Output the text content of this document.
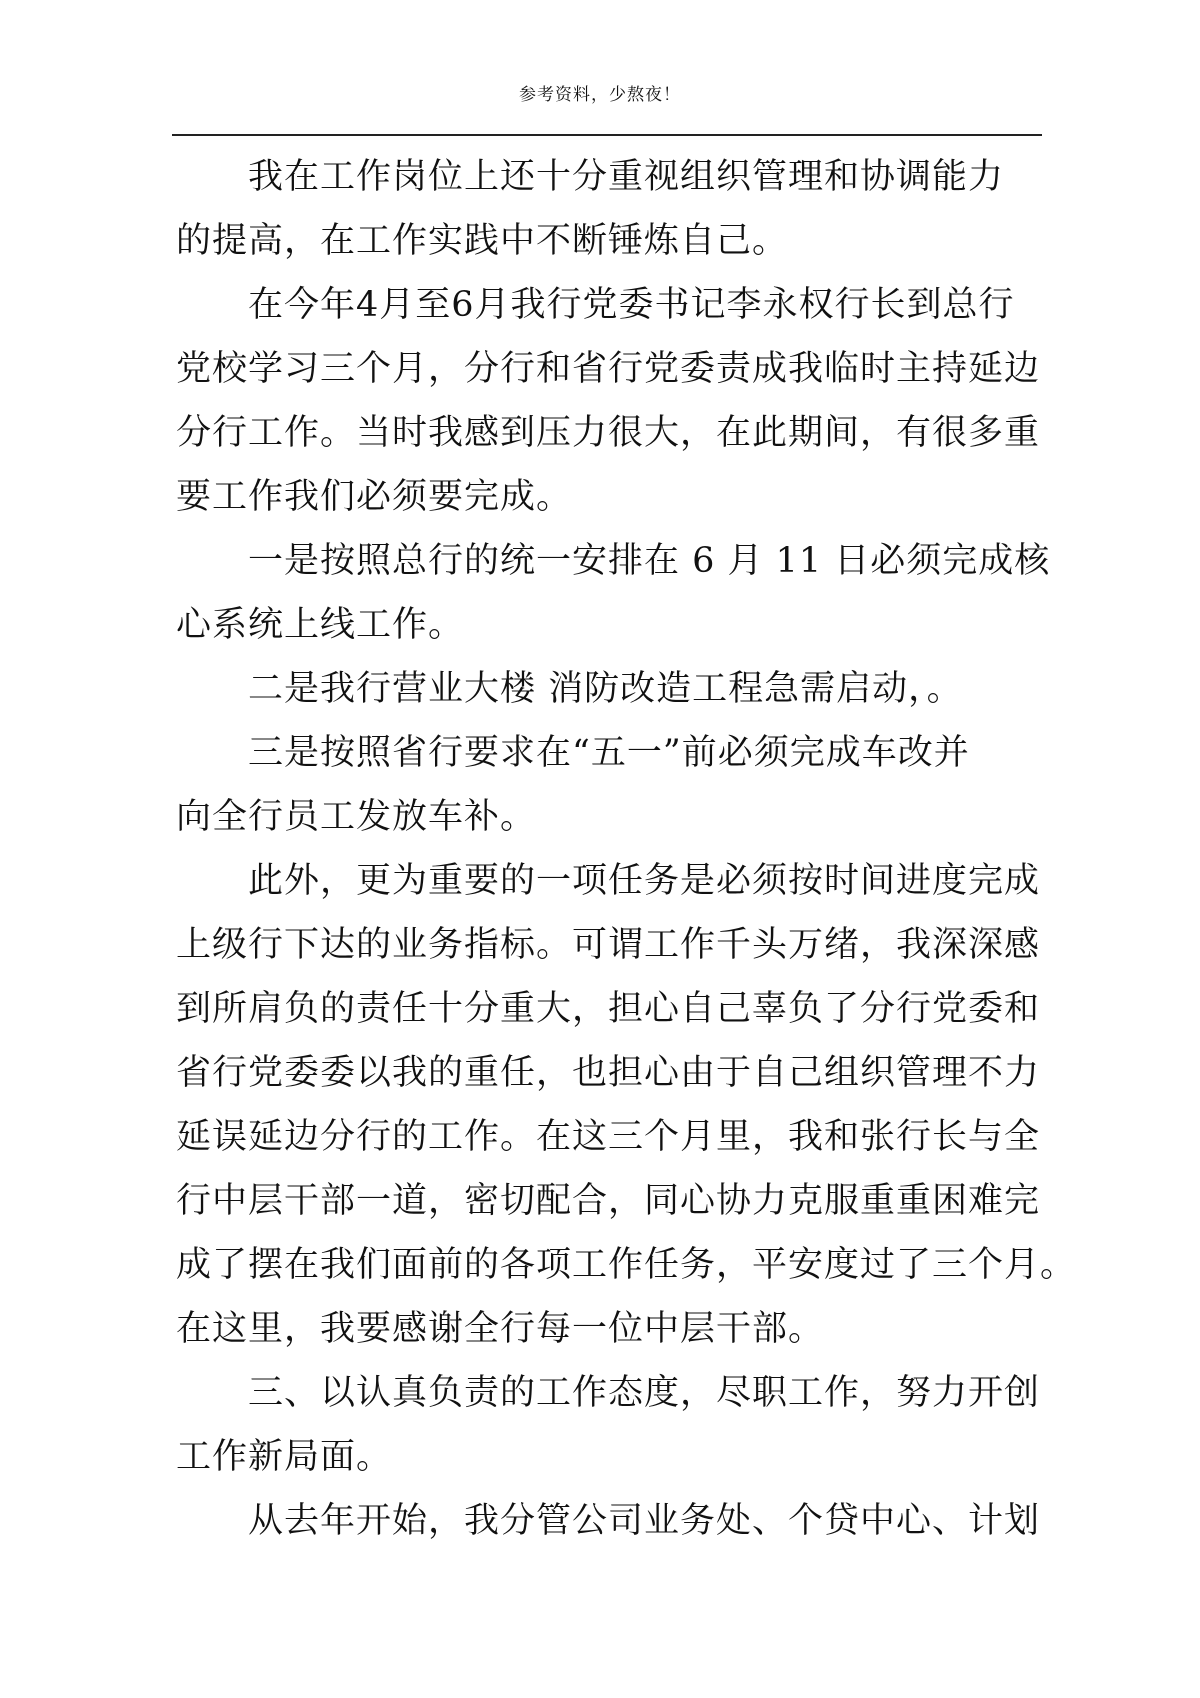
参考资料，少熬夜！
我在工作岗位上还十分重视组织管理和协调能力
的提高，在工作实践中不断锤炼自己。
在今年4月至6月我行党委书记李永权行长到总行
党校学习三个月，分行和省行党委责成我临时主持延边
分行工作。当时我感到压力很大，在此期间，有很多重
要工作我们必须要完成。
一是按照总行的统一安排在 6 月 11 日必须完成核
心系统上线工作。
二是我行营业大楼 消防改造工程急需启动，。
三是按照省行要求在“五一”前必须完成车改并
向全行员工发放车补。
此外，更为重要的一项任务是必须按时间进度完成
上级行下达的业务指标。可谓工作千头万绪，我深深感
到所肩负的责任十分重大，担心自己辜负了分行党委和
省行党委委以我的重任，也担心由于自己组织管理不力
延误延边分行的工作。在这三个月里，我和张行长与全
行中层干部一道，密切配合，同心协力克服重重困难完
成了摆在我们面前的各项工作任务，平安度过了三个月。
在这里，我要感谢全行每一位中层干部。
三、以认真负责的工作态度，尽职工作，努力开创
工作新局面。
从去年开始，我分管公司业务处、个贷中心、计划
